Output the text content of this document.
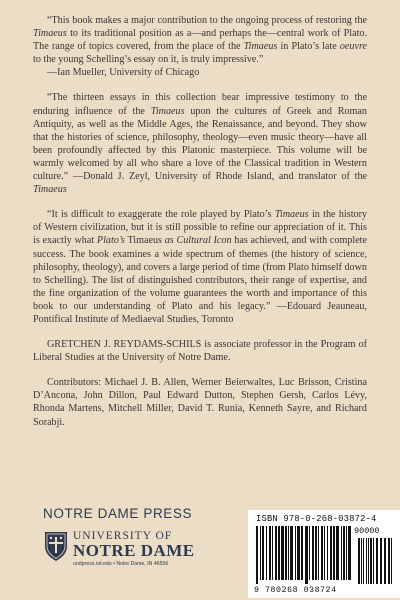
“This book makes a major contribution to the ongoing process of restoring the Timaeus to its traditional position as a—and perhaps the—central work of Plato. The range of topics covered, from the place of the Timaeus in Plato’s late oeuvre to the young Schelling’s essay on it, is truly impressive.”
—Ian Mueller, University of Chicago

“The thirteen essays in this collection bear impressive testimony to the enduring influence of the Timaeus upon the cultures of Greek and Roman Antiquity, as well as the Middle Ages, the Renaissance, and beyond. They show that the histories of science, philosophy, theology—even music theory—have all been profoundly affected by this Platonic masterpiece. This volume will be warmly welcomed by all who share a love of the Classical tradition in Western culture.” —Donald J. Zeyl, University of Rhode Island, and translator of the Timaeus

“It is difficult to exaggerate the role played by Plato’s Timaeus in the history of Western civilization, but it is still possible to refine our appreciation of it. This is exactly what Plato’s Timaeus as Cultural Icon has achieved, and with complete success. The book examines a wide spectrum of themes (the history of science, philosophy, theology), and covers a large period of time (from Plato himself down to Schelling). The list of distinguished contributors, their range of expertise, and the fine organization of the volume guarantees the worth and importance of this book to our understanding of Plato and his legacy.” —Edouard Jeauneau, Pontifical Institute of Mediaeval Studies, Toronto

GRETCHEN J. REYDAMS-SCHILS is associate professor in the Program of Liberal Studies at the University of Notre Dame.

Contributors: Michael J. B. Allen, Werner Beierwaltes, Luc Brisson, Cristina D’Ancona, John Dillon, Paul Edward Dutton, Stephen Gersh, Carlos Lévy, Rhonda Martens, Mitchell Miller, David T. Runia, Kenneth Sayre, and Richard Sorabji.

NOTRE DAME PRESS
UNIVERSITY OF
NOTRE DAME
undpress.nd.edu • Notre Dame, IN 46556
ISBN 978-0-268-03872-4
90000
9 780268 038724
